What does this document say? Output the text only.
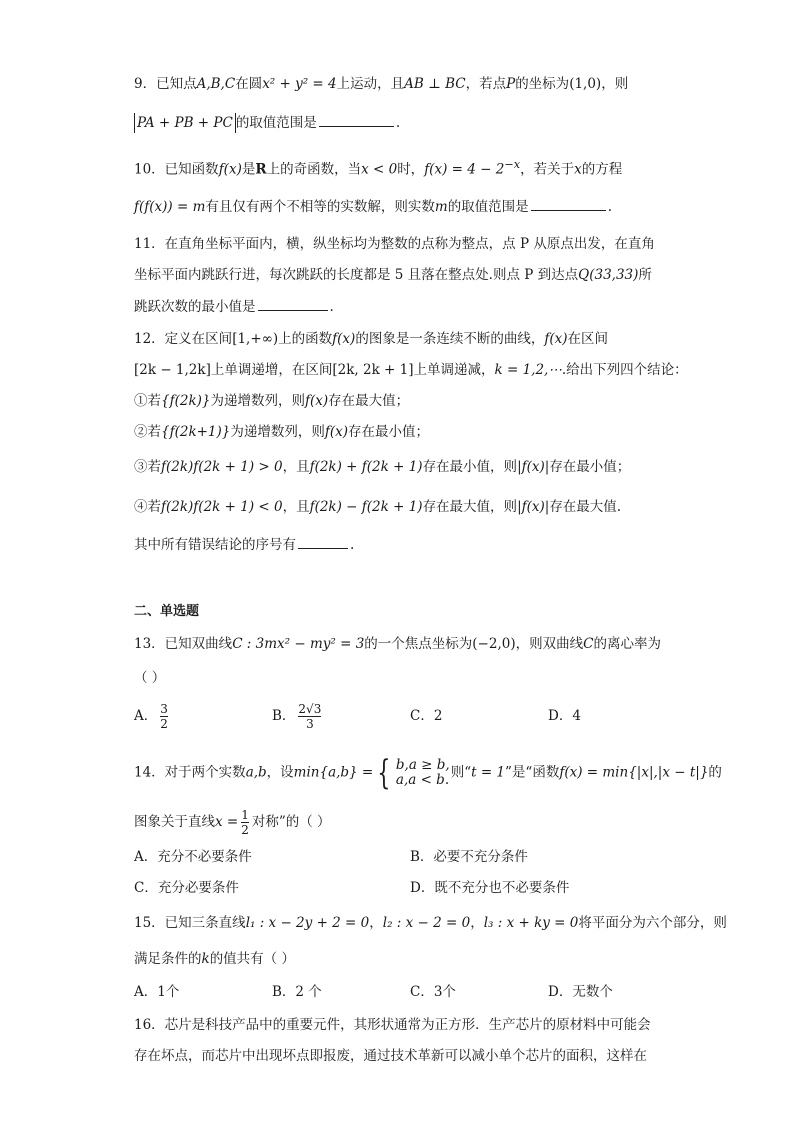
9．已知点A,B,C在圆x² + y² = 4上运动，且AB ⊥ BC，若点P的坐标为(1,0)，则
PA + PB + PC 的取值范围是	.
10．已知函数f(x)是R上的奇函数，当x < 0时，$f(x) = 4 - 2^{-x}$，若关于x的方程
f(f(x)) = m有且仅有两个不相等的实数解，则实数m的取值范围是	.
11．在直角坐标平面内，横，纵坐标均为整数的点称为整点，点 P 从原点出发，在直角
坐标平面内跳跃行进，每次跳跃的长度都是 5 且落在整点处.则点 P 到达点Q(33,33)所
跳跃次数的最小值是	.
12．定义在区间[1,+∞)上的函数f(x)的图象是一条连续不断的曲线，f(x)在区间
[2k − 1,2k]上单调递增，在区间[2k, 2k + 1]上单调递减，k = 1,2,⋯.给出下列四个结论：
①若{f(2k)}为递增数列，则f(x)存在最大值；
②若{f(2k+1)}为递增数列，则f(x)存在最小值；
③若f(2k)f(2k + 1) > 0，且f(2k) + f(2k + 1)存在最小值，则|f(x)|存在最小值；
④若f(2k)f(2k + 1) < 0，且f(2k) − f(2k + 1)存在最大值，则|f(x)|存在最大值.
其中所有错误结论的序号有	.
二、单选题
13．已知双曲线C : 3mx² − my² = 3的一个焦点坐标为(−2,0)，则双曲线C的离心率为
（ ）
A． $\frac{3}{2}$	B． $\frac{2√3}{3}$	C．2	D．4
14．对于两个实数a,b，设min{a,b} = { b,a ≥ b,
a,a < b. 则“t = 1”是“函数f(x) = min{|x|,|x − t|}的
图象关于直线$x = \frac{1}{2}$ 对称”的（ ）
A．充分不必要条件	B．必要不充分条件
C．充分必要条件	D．既不充分也不必要条件
15．已知三条直线l₁ : x − 2y + 2 = 0，l₂ : x − 2 = 0，l₃ : x + ky = 0将平面分为六个部分，则
满足条件的k的值共有（ ）
A．1个	B．2 个	C．3个	D．无数个
16．芯片是科技产品中的重要元件，其形状通常为正方形．生产芯片的原材料中可能会
存在坏点，而芯片中出现坏点即报废，通过技术革新可以减小单个芯片的面积，这样在
